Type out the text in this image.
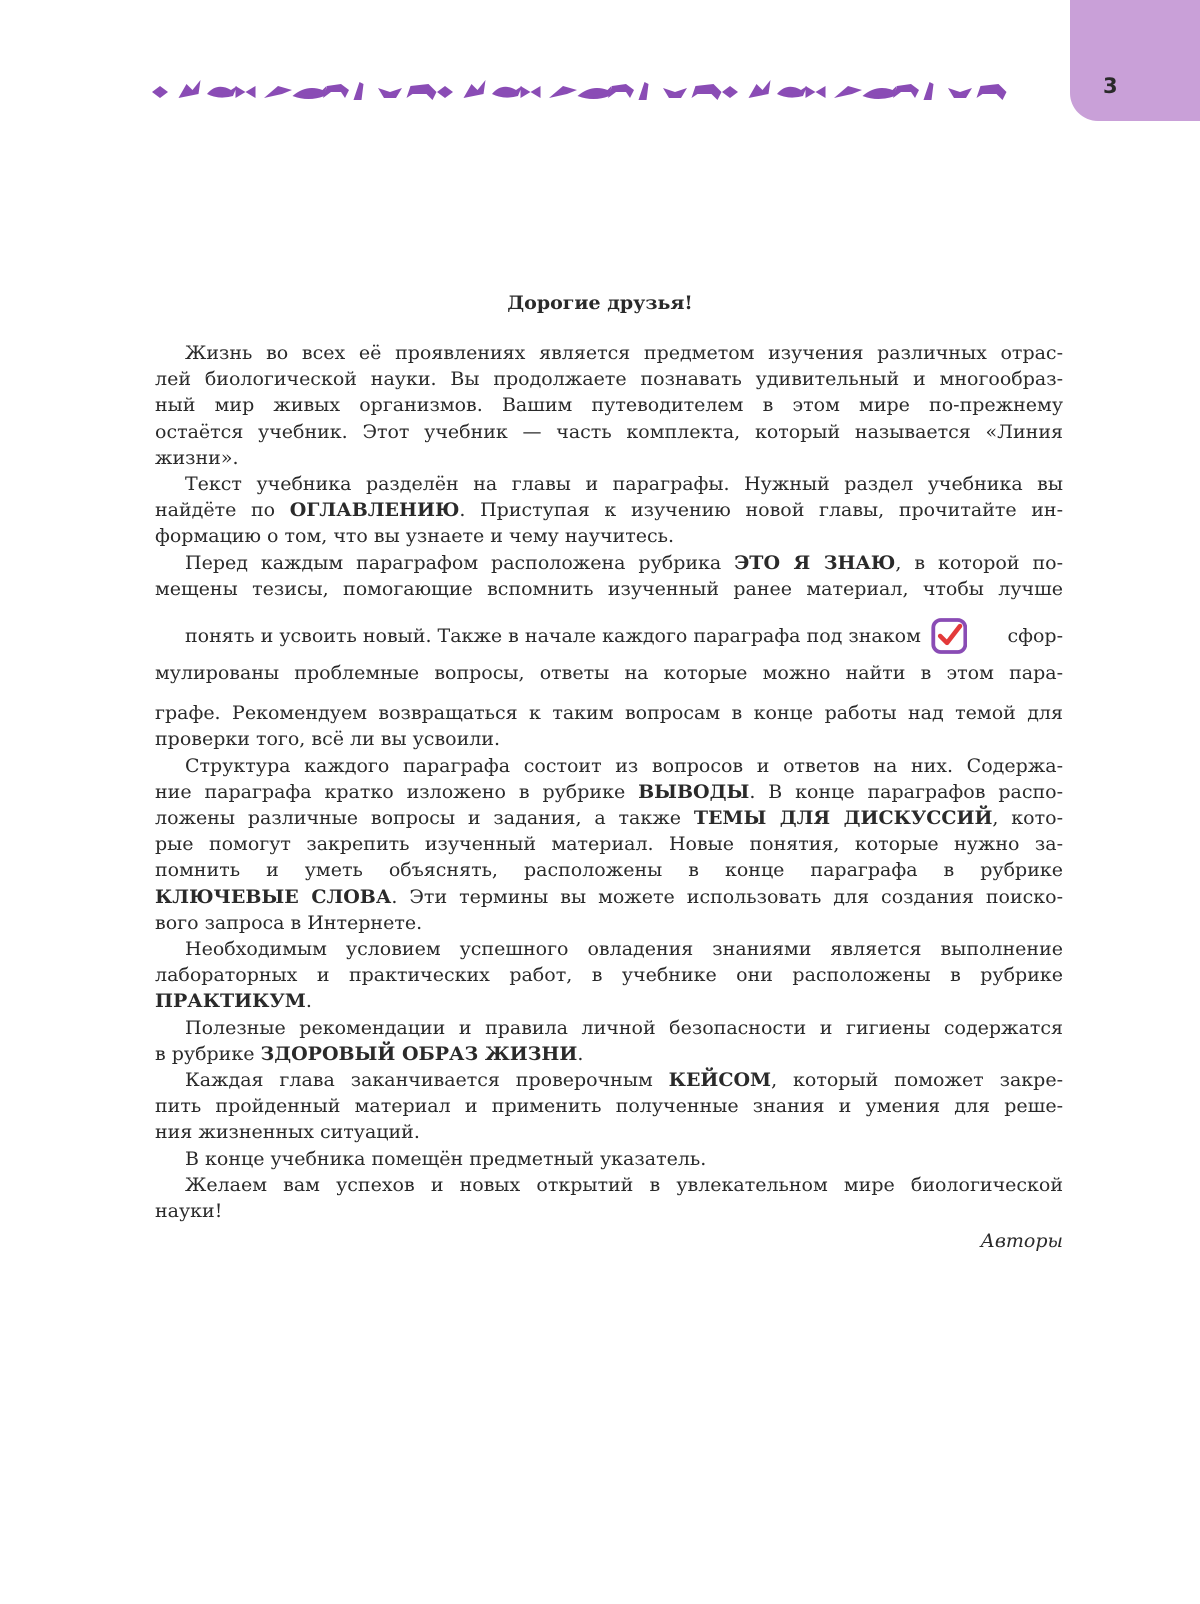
3
Дорогие друзья!

Жизнь во всех её проявлениях является предметом изучения различных отрас-
лей биологической науки. Вы продолжаете познавать удивительный и многообраз-
ный мир живых организмов. Вашим путеводителем в этом мире по-прежнему
остаётся учебник. Этот учебник — часть комплекта, который называется «Линия
жизни».

Текст учебника разделён на главы и параграфы. Нужный раздел учебника вы
найдёте по ОГЛАВЛЕНИЮ. Приступая к изучению новой главы, прочитайте ин-
формацию о том, что вы узнаете и чему научитесь.

Перед каждым параграфом расположена рубрика ЭТО Я ЗНАЮ, в которой по-
мещены тезисы, помогающие вспомнить изученный ранее материал, чтобы лучше
понять и усвоить новый. Также в начале каждого параграфа под знаком	сфор-
мулированы проблемные вопросы, ответы на которые можно найти в этом пара-
графе. Рекомендуем возвращаться к таким вопросам в конце работы над темой для
проверки того, всё ли вы усвоили.

Структура каждого параграфа состоит из вопросов и ответов на них. Содержа-
ние параграфа кратко изложено в рубрике ВЫВОДЫ. В конце параграфов распо-
ложены различные вопросы и задания, а также ТЕМЫ ДЛЯ ДИСКУССИЙ, кото-
рые помогут закрепить изученный материал. Новые понятия, которые нужно за-
помнить и уметь объяснять, расположены в конце параграфа в рубрике
КЛЮЧЕВЫЕ СЛОВА. Эти термины вы можете использовать для создания поиско-
вого запроса в Интернете.

Необходимым условием успешного овладения знаниями является выполнение
лабораторных и практических работ, в учебнике они расположены в рубрике
ПРАКТИКУМ.

Полезные рекомендации и правила личной безопасности и гигиены содержатся
в рубрике ЗДОРОВЫЙ ОБРАЗ ЖИЗНИ.

Каждая глава заканчивается проверочным КЕЙСОМ, который поможет закре-
пить пройденный материал и применить полученные знания и умения для реше-
ния жизненных ситуаций.

В конце учебника помещён предметный указатель.

Желаем вам успехов и новых открытий в увлекательном мире биологической
науки!

Авторы
